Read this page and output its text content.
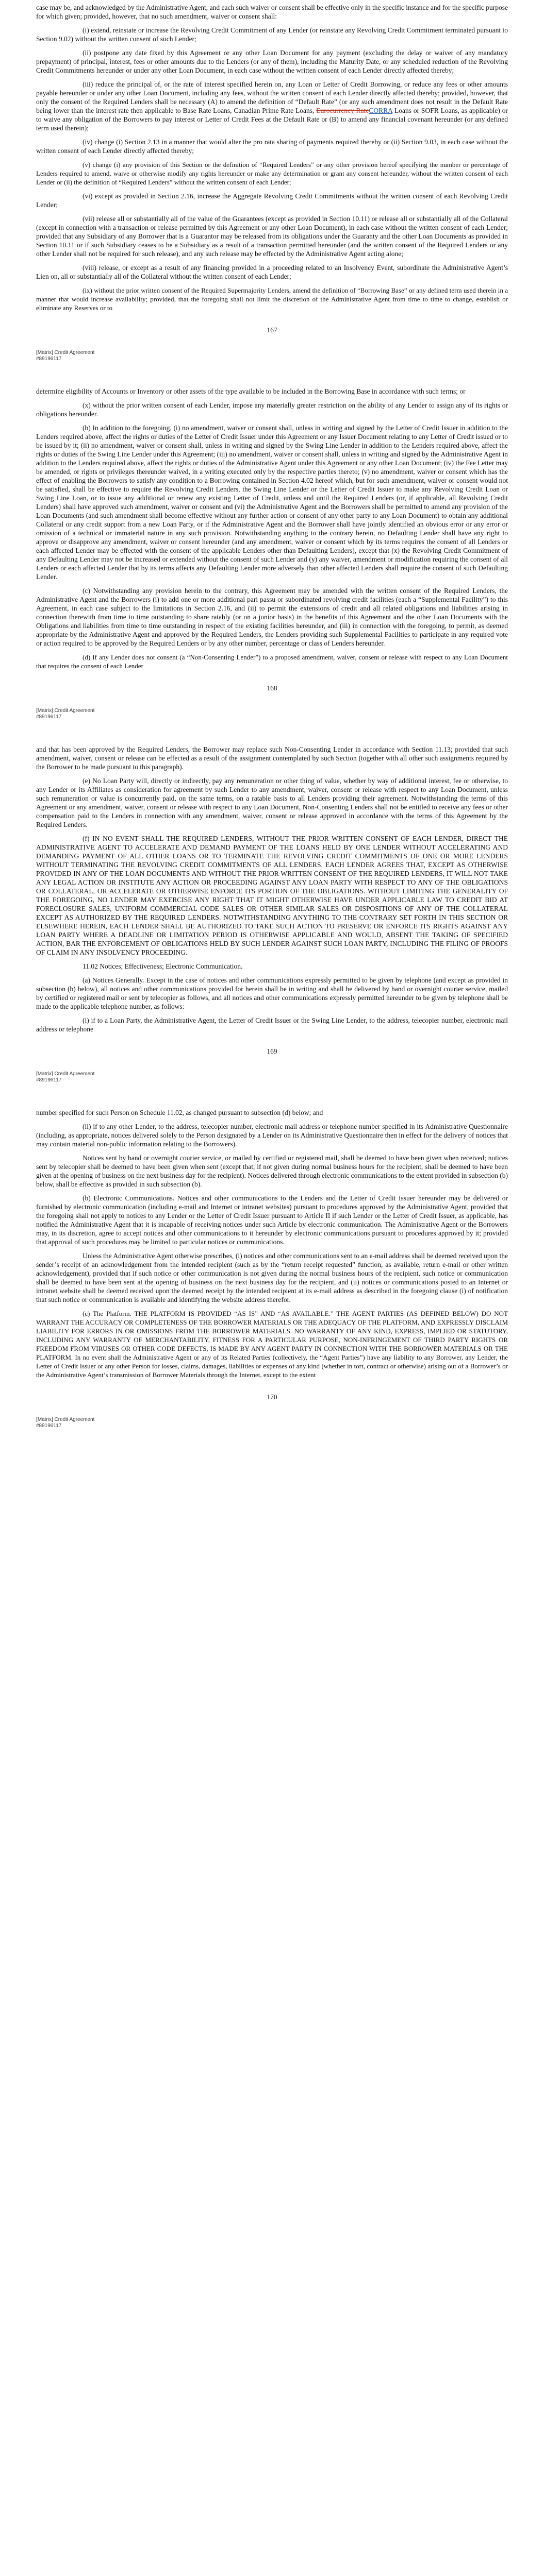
case may be, and acknowledged by the Administrative Agent, and each such waiver or consent shall be effective only in the specific instance and for the specific purpose for which given; provided, however, that no such amendment, waiver or consent shall:

(i) extend, reinstate or increase the Revolving Credit Commitment of any Lender (or reinstate any Revolving Credit Commitment terminated pursuant to Section 9.02) without the written consent of such Lender;

(ii) postpone any date fixed by this Agreement or any other Loan Document for any payment (excluding the delay or waiver of any mandatory prepayment) of principal, interest, fees or other amounts due to the Lenders (or any of them), including the Maturity Date, or any scheduled reduction of the Revolving Credit Commitments hereunder or under any other Loan Document, in each case without the written consent of each Lender directly affected thereby;

(iii) reduce the principal of, or the rate of interest specified herein on, any Loan or Letter of Credit Borrowing, or reduce any fees or other amounts payable hereunder or under any other Loan Document, including any fees, without the written consent of each Lender directly affected thereby; provided, however, that only the consent of the Required Lenders shall be necessary (A) to amend the definition of “Default Rate” (or any such amendment does not result in the Default Rate being lower than the interest rate then applicable to Base Rate Loans, Canadian Prime Rate Loans, Eurocurrency RateCORRA Loans or SOFR Loans, as applicable) or to waive any obligation of the Borrowers to pay interest or Letter of Credit Fees at the Default Rate or (B) to amend any financial covenant hereunder (or any defined term used therein);

(iv) change (i) Section 2.13 in a manner that would alter the pro rata sharing of payments required thereby or (ii) Section 9.03, in each case without the written consent of each Lender directly affected thereby;

(v) change (i) any provision of this Section or the definition of “Required Lenders” or any other provision hereof specifying the number or percentage of Lenders required to amend, waive or otherwise modify any rights hereunder or make any determination or grant any consent hereunder, without the written consent of each Lender or (ii) the definition of “Required Lenders” without the written consent of each Lender;

(vi) except as provided in Section 2.16, increase the Aggregate Revolving Credit Commitments without the written consent of each Revolving Credit Lender;

(vii) release all or substantially all of the value of the Guarantees (except as provided in Section 10.11) or release all or substantially all of the Collateral (except in connection with a transaction or release permitted by this Agreement or any other Loan Document), in each case without the written consent of each Lender; provided that any Subsidiary of any Borrower that is a Guarantor may be released from its obligations under the Guaranty and the other Loan Documents as provided in Section 10.11 or if such Subsidiary ceases to be a Subsidiary as a result of a transaction permitted hereunder (and the written consent of the Required Lenders or any other Lender shall not be required for such release), and any such release may be effected by the Administrative Agent acting alone;

(viii) release, or except as a result of any financing provided in a proceeding related to an Insolvency Event, subordinate the Administrative Agent’s Lien on, all or substantially all of the Collateral without the written consent of each Lender;

(ix) without the prior written consent of the Required Supermajority Lenders, amend the definition of “Borrowing Base” or any defined term used therein in a manner that would increase availability; provided, that the foregoing shall not limit the discretion of the Administrative Agent from time to time to change, establish or eliminate any Reserves or to

167
[Matrix] Credit Agreement
#89196117

determine eligibility of Accounts or Inventory or other assets of the type available to be included in the Borrowing Base in accordance with such terms; or

(x) without the prior written consent of each Lender, impose any materially greater restriction on the ability of any Lender to assign any of its rights or obligations hereunder.

(b) In addition to the foregoing, (i) no amendment, waiver or consent shall, unless in writing and signed by the Letter of Credit Issuer in addition to the Lenders required above, affect the rights or duties of the Letter of Credit Issuer under this Agreement or any Issuer Document relating to any Letter of Credit issued or to be issued by it; (ii) no amendment, waiver or consent shall, unless in writing and signed by the Swing Line Lender in addition to the Lenders required above, affect the rights or duties of the Swing Line Lender under this Agreement; (iii) no amendment, waiver or consent shall, unless in writing and signed by the Administrative Agent in addition to the Lenders required above, affect the rights or duties of the Administrative Agent under this Agreement or any other Loan Document; (iv) the Fee Letter may be amended, or rights or privileges thereunder waived, in a writing executed only by the respective parties thereto; (v) no amendment, waiver or consent which has the effect of enabling the Borrowers to satisfy any condition to a Borrowing contained in Section 4.02 hereof which, but for such amendment, waiver or consent would not be satisfied, shall be effective to require the Revolving Credit Lenders, the Swing Line Lender or the Letter of Credit Issuer to make any Revolving Credit Loan or Swing Line Loan, or to issue any additional or renew any existing Letter of Credit, unless and until the Required Lenders (or, if applicable, all Revolving Credit Lenders) shall have approved such amendment, waiver or consent and (vi) the Administrative Agent and the Borrowers shall be permitted to amend any provision of the Loan Documents (and such amendment shall become effective without any further action or consent of any other party to any Loan Document) to obtain any additional Collateral or any credit support from a new Loan Party, or if the Administrative Agent and the Borrower shall have jointly identified an obvious error or any error or omission of a technical or immaterial nature in any such provision. Notwithstanding anything to the contrary herein, no Defaulting Lender shall have any right to approve or disapprove any amendment, waiver or consent hereunder (and any amendment, waiver or consent which by its terms requires the consent of all Lenders or each affected Lender may be effected with the consent of the applicable Lenders other than Defaulting Lenders), except that (x) the Revolving Credit Commitment of any Defaulting Lender may not be increased or extended without the consent of such Lender and (y) any waiver, amendment or modification requiring the consent of all Lenders or each affected Lender that by its terms affects any Defaulting Lender more adversely than other affected Lenders shall require the consent of such Defaulting Lender.

(c) Notwithstanding any provision herein to the contrary, this Agreement may be amended with the written consent of the Required Lenders, the Administrative Agent and the Borrowers (i) to add one or more additional pari passu or subordinated revolving credit facilities (each a “Supplemental Facility”) to this Agreement, in each case subject to the limitations in Section 2.16, and (ii) to permit the extensions of credit and all related obligations and liabilities arising in connection therewith from time to time outstanding to share ratably (or on a junior basis) in the benefits of this Agreement and the other Loan Documents with the Obligations and liabilities from time to time outstanding in respect of the existing facilities hereunder, and (iii) in connection with the foregoing, to permit, as deemed appropriate by the Administrative Agent and approved by the Required Lenders, the Lenders providing such Supplemental Facilities to participate in any required vote or action required to be approved by the Required Lenders or by any other number, percentage or class of Lenders hereunder.

(d) If any Lender does not consent (a “Non-Consenting Lender”) to a proposed amendment, waiver, consent or release with respect to any Loan Document that requires the consent of each Lender

168
[Matrix] Credit Agreement
#89196117

and that has been approved by the Required Lenders, the Borrower may replace such Non-Consenting Lender in accordance with Section 11.13; provided that such amendment, waiver, consent or release can be effected as a result of the assignment contemplated by such Section (together with all other such assignments required by the Borrower to be made pursuant to this paragraph).

(e) No Loan Party will, directly or indirectly, pay any remuneration or other thing of value, whether by way of additional interest, fee or otherwise, to any Lender or its Affiliates as consideration for agreement by such Lender to any amendment, waiver, consent or release with respect to any Loan Document, unless such remuneration or value is concurrently paid, on the same terms, on a ratable basis to all Lenders providing their agreement. Notwithstanding the terms of this Agreement or any amendment, waiver, consent or release with respect to any Loan Document, Non-Consenting Lenders shall not be entitled to receive any fees or other compensation paid to the Lenders in connection with any amendment, waiver, consent or release approved in accordance with the terms of this Agreement by the Required Lenders.

(f) IN NO EVENT SHALL THE REQUIRED LENDERS, WITHOUT THE PRIOR WRITTEN CONSENT OF EACH LENDER, DIRECT THE ADMINISTRATIVE AGENT TO ACCELERATE AND DEMAND PAYMENT OF THE LOANS HELD BY ONE LENDER WITHOUT ACCELERATING AND DEMANDING PAYMENT OF ALL OTHER LOANS OR TO TERMINATE THE REVOLVING CREDIT COMMITMENTS OF ONE OR MORE LENDERS WITHOUT TERMINATING THE REVOLVING CREDIT COMMITMENTS OF ALL LENDERS. EACH LENDER AGREES THAT, EXCEPT AS OTHERWISE PROVIDED IN ANY OF THE LOAN DOCUMENTS AND WITHOUT THE PRIOR WRITTEN CONSENT OF THE REQUIRED LENDERS, IT WILL NOT TAKE ANY LEGAL ACTION OR INSTITUTE ANY ACTION OR PROCEEDING AGAINST ANY LOAN PARTY WITH RESPECT TO ANY OF THE OBLIGATIONS OR COLLATERAL, OR ACCELERATE OR OTHERWISE ENFORCE ITS PORTION OF THE OBLIGATIONS. WITHOUT LIMITING THE GENERALITY OF THE FOREGOING, NO LENDER MAY EXERCISE ANY RIGHT THAT IT MIGHT OTHERWISE HAVE UNDER APPLICABLE LAW TO CREDIT BID AT FORECLOSURE SALES, UNIFORM COMMERCIAL CODE SALES OR OTHER SIMILAR SALES OR DISPOSITIONS OF ANY OF THE COLLATERAL EXCEPT AS AUTHORIZED BY THE REQUIRED LENDERS. NOTWITHSTANDING ANYTHING TO THE CONTRARY SET FORTH IN THIS SECTION OR ELSEWHERE HEREIN, EACH LENDER SHALL BE AUTHORIZED TO TAKE SUCH ACTION TO PRESERVE OR ENFORCE ITS RIGHTS AGAINST ANY LOAN PARTY WHERE A DEADLINE OR LIMITATION PERIOD IS OTHERWISE APPLICABLE AND WOULD, ABSENT THE TAKING OF SPECIFIED ACTION, BAR THE ENFORCEMENT OF OBLIGATIONS HELD BY SUCH LENDER AGAINST SUCH LOAN PARTY, INCLUDING THE FILING OF PROOFS OF CLAIM IN ANY INSOLVENCY PROCEEDING.

11.02 Notices; Effectiveness; Electronic Communication.

(a) Notices Generally. Except in the case of notices and other communications expressly permitted to be given by telephone (and except as provided in subsection (b) below), all notices and other communications provided for herein shall be in writing and shall be delivered by hand or overnight courier service, mailed by certified or registered mail or sent by telecopier as follows, and all notices and other communications expressly permitted hereunder to be given by telephone shall be made to the applicable telephone number, as follows:

(i) if to a Loan Party, the Administrative Agent, the Letter of Credit Issuer or the Swing Line Lender, to the address, telecopier number, electronic mail address or telephone

169
[Matrix] Credit Agreement
#89196117

number specified for such Person on Schedule 11.02, as changed pursuant to subsection (d) below; and

(ii) if to any other Lender, to the address, telecopier number, electronic mail address or telephone number specified in its Administrative Questionnaire (including, as appropriate, notices delivered solely to the Person designated by a Lender on its Administrative Questionnaire then in effect for the delivery of notices that may contain material non-public information relating to the Borrowers).

Notices sent by hand or overnight courier service, or mailed by certified or registered mail, shall be deemed to have been given when received; notices sent by telecopier shall be deemed to have been given when sent (except that, if not given during normal business hours for the recipient, shall be deemed to have been given at the opening of business on the next business day for the recipient). Notices delivered through electronic communications to the extent provided in subsection (b) below, shall be effective as provided in such subsection (b).

(b) Electronic Communications. Notices and other communications to the Lenders and the Letter of Credit Issuer hereunder may be delivered or furnished by electronic communication (including e-mail and Internet or intranet websites) pursuant to procedures approved by the Administrative Agent, provided that the foregoing shall not apply to notices to any Lender or the Letter of Credit Issuer pursuant to Article II if such Lender or the Letter of Credit Issuer, as applicable, has notified the Administrative Agent that it is incapable of receiving notices under such Article by electronic communication. The Administrative Agent or the Borrowers may, in its discretion, agree to accept notices and other communications to it hereunder by electronic communications pursuant to procedures approved by it; provided that approval of such procedures may be limited to particular notices or communications.

Unless the Administrative Agent otherwise prescribes, (i) notices and other communications sent to an e-mail address shall be deemed received upon the sender’s receipt of an acknowledgement from the intended recipient (such as by the “return receipt requested” function, as available, return e-mail or other written acknowledgement), provided that if such notice or other communication is not given during the normal business hours of the recipient, such notice or communication shall be deemed to have been sent at the opening of business on the next business day for the recipient, and (ii) notices or communications posted to an Internet or intranet website shall be deemed received upon the deemed receipt by the intended recipient at its e-mail address as described in the foregoing clause (i) of notification that such notice or communication is available and identifying the website address therefor.

(c) The Platform. THE PLATFORM IS PROVIDED “AS IS” AND “AS AVAILABLE.” THE AGENT PARTIES (AS DEFINED BELOW) DO NOT WARRANT THE ACCURACY OR COMPLETENESS OF THE BORROWER MATERIALS OR THE ADEQUACY OF THE PLATFORM, AND EXPRESSLY DISCLAIM LIABILITY FOR ERRORS IN OR OMISSIONS FROM THE BORROWER MATERIALS. NO WARRANTY OF ANY KIND, EXPRESS, IMPLIED OR STATUTORY, INCLUDING ANY WARRANTY OF MERCHANTABILITY, FITNESS FOR A PARTICULAR PURPOSE, NON-INFRINGEMENT OF THIRD PARTY RIGHTS OR FREEDOM FROM VIRUSES OR OTHER CODE DEFECTS, IS MADE BY ANY AGENT PARTY IN CONNECTION WITH THE BORROWER MATERIALS OR THE PLATFORM. In no event shall the Administrative Agent or any of its Related Parties (collectively, the “Agent Parties”) have any liability to any Borrower, any Lender, the Letter of Credit Issuer or any other Person for losses, claims, damages, liabilities or expenses of any kind (whether in tort, contract or otherwise) arising out of a Borrower’s or the Administrative Agent’s transmission of Borrower Materials through the Internet, except to the extent

170
[Matrix] Credit Agreement
#89196117
